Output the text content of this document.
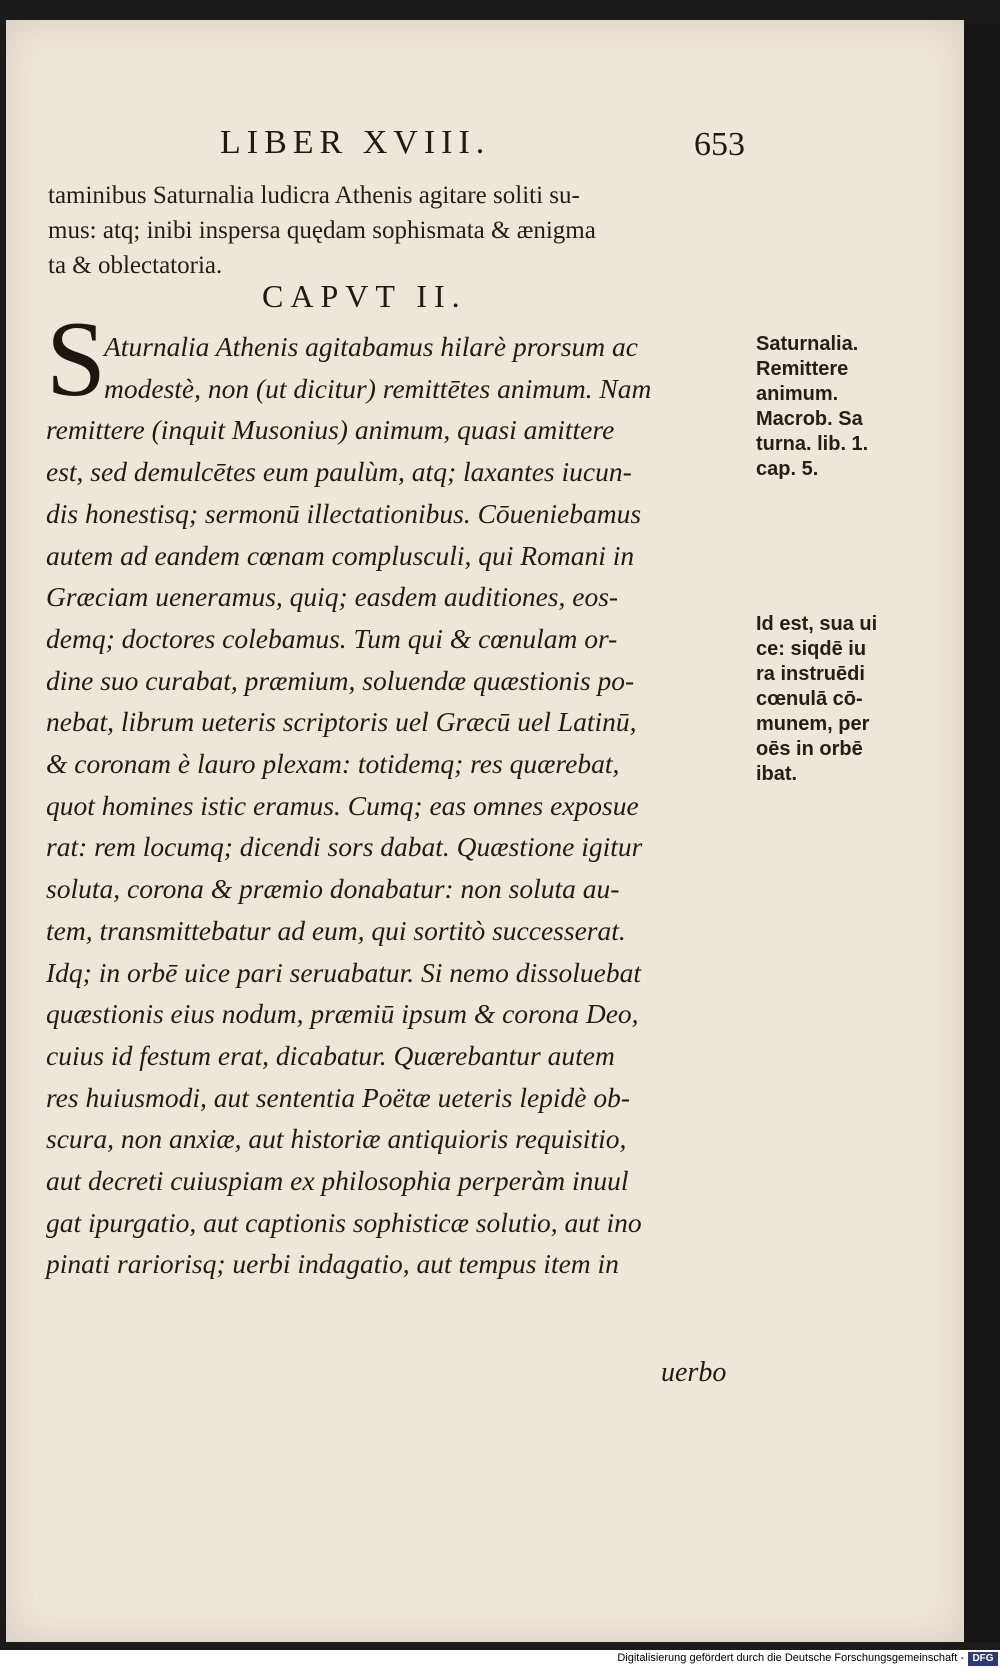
LIBER XVIII.	653
taminibus Saturnalia ludicra Athenis agitare soliti su-
mus: atq; inibi inspersa quędam sophismata & ænigma
ta & oblectatoria.
CAPVT II.
S
Aturnalia Athenis agitabamus hilarè prorsum ac
modestè, non (ut dicitur) remittētes animum. Nam
remittere (inquit Musonius) animum, quasi amittere
est, sed demulcētes eum paulùm, atq; laxantes iucun-
dis honestisq; sermonū illectationibus. Cōueniebamus
autem ad eandem cœnam complusculi, qui Romani in
Græciam ueneramus, quiq; easdem auditiones, eos-
demq; doctores colebamus. Tum qui & cœnulam or-
dine suo curabat, præmium, soluendæ quæstionis po-
nebat, librum ueteris scriptoris uel Græcū uel Latinū,
& coronam è lauro plexam: totidemq; res quærebat,
quot homines istic eramus. Cumq; eas omnes exposue
rat: rem locumq; dicendi sors dabat. Quæstione igitur
soluta, corona & præmio donabatur: non soluta au-
tem, transmittebatur ad eum, qui sortitò successerat.
Idq; in orbē uice pari seruabatur. Si nemo dissoluebat
quæstionis eius nodum, præmiū ipsum & corona Deo,
cuius id festum erat, dicabatur. Quærebantur autem
res huiusmodi, aut sententia Poëtæ ueteris lepidè ob-
scura, non anxiæ, aut historiæ antiquioris requisitio,
aut decreti cuiuspiam ex philosophia perperàm inuul
gat ipurgatio, aut captionis sophisticæ solutio, aut ino
pinati rariorisq; uerbi indagatio, aut tempus item in
uerbo
Saturnalia.
Remittere
animum.
Macrob. Sa
turna. lib. 1.
cap. 5.
Id est, sua ui
ce: siqdē iu
ra instruēdi
cœnulā cō-
munem, per
oēs in orbē
ibat.
Digitalisierung gefördert durch die Deutsche Forschungsgemeinschaft - DFG
